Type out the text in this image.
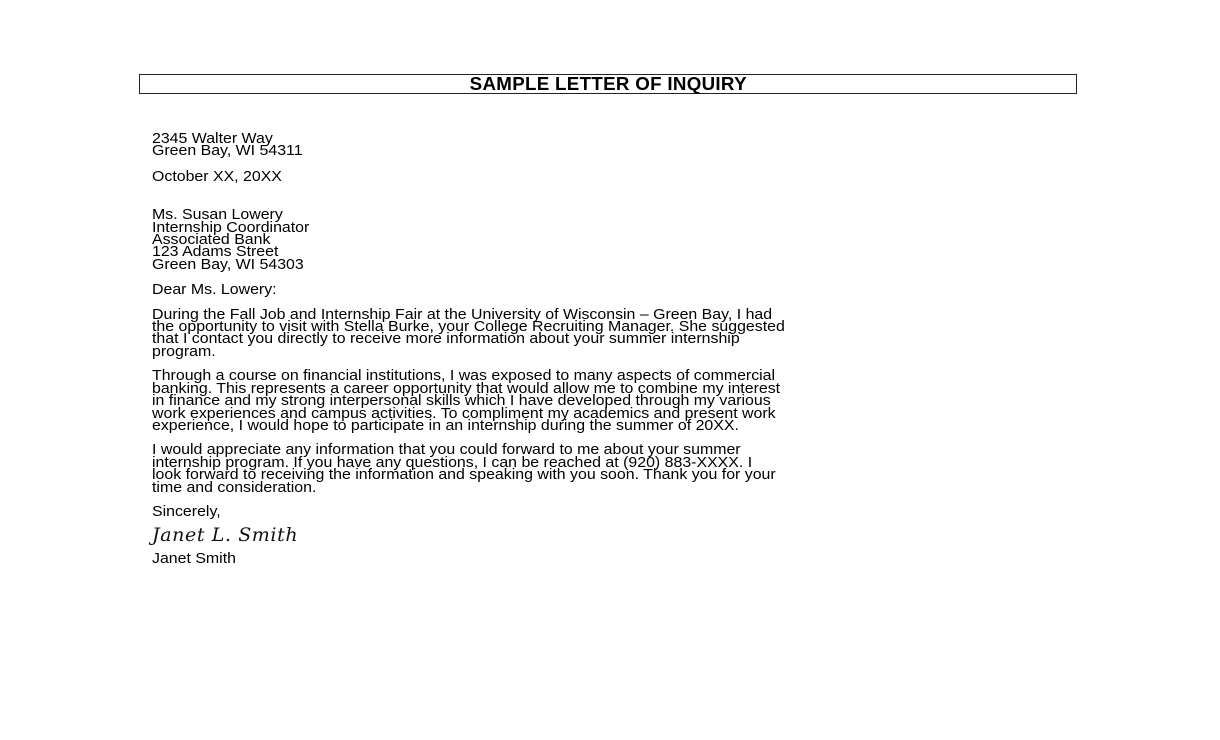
SAMPLE LETTER OF INQUIRY
2345 Walter Way
Green Bay, WI 54311
October XX, 20XX
Ms. Susan Lowery
Internship Coordinator
Associated Bank
123 Adams Street
Green Bay, WI 54303
Dear Ms. Lowery:
During the Fall Job and Internship Fair at the University of Wisconsin – Green Bay, I had
the opportunity to visit with Stella Burke, your College Recruiting Manager. She suggested
that I contact you directly to receive more information about your summer internship
program.
Through a course on financial institutions, I was exposed to many aspects of commercial
banking. This represents a career opportunity that would allow me to combine my interest
in finance and my strong interpersonal skills which I have developed through my various
work experiences and campus activities. To compliment my academics and present work
experience, I would hope to participate in an internship during the summer of 20XX.
I would appreciate any information that you could forward to me about your summer
internship program. If you have any questions, I can be reached at (920) 883-XXXX. I
look forward to receiving the information and speaking with you soon. Thank you for your
time and consideration.
Sincerely,
Janet L. Smith
Janet Smith
